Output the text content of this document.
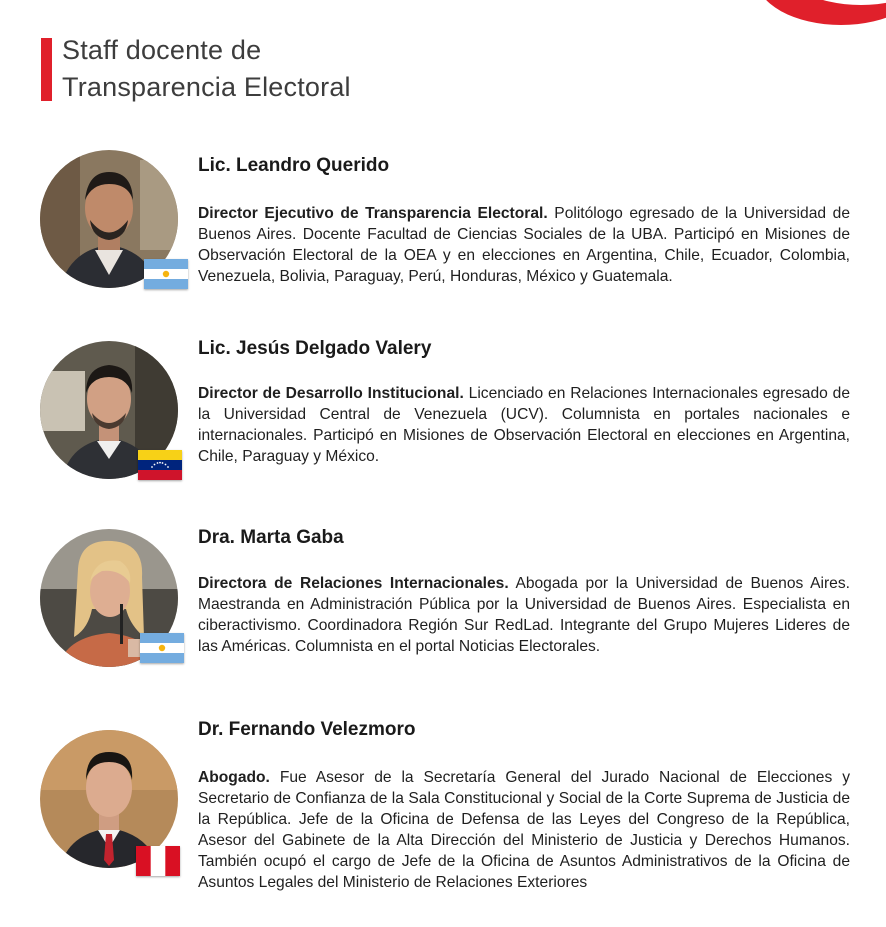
Staff docente de
Transparencia Electoral
Lic. Leandro Querido
Director Ejecutivo de Transparencia Electoral. Politólogo egresado de la Universidad de Buenos Aires. Docente Facultad de Ciencias Sociales de la UBA. Participó en Misiones de Observación Electoral de la OEA y en elecciones en Argentina, Chile, Ecuador, Colombia, Venezuela, Bolivia, Paraguay, Perú, Honduras, México y Guatemala.
Lic. Jesús Delgado Valery
Director de Desarrollo Institucional. Licenciado en Relaciones Internacionales egresado de la Universidad Central de Venezuela (UCV). Columnista en portales nacionales e internacionales. Participó en Misiones de Observación Electoral en elecciones en Argentina, Chile, Paraguay y México.
Dra. Marta Gaba
Directora de Relaciones Internacionales. Abogada por la Universidad de Buenos Aires. Maestranda en Administración Pública por la Universidad de Buenos Aires. Especialista en ciberactivismo. Coordinadora Región Sur RedLad. Integrante del Grupo Mujeres Lideres de las Américas. Columnista en el portal Noticias Electorales.
Dr. Fernando Velezmoro
Abogado. Fue Asesor de la Secretaría General del Jurado Nacional de Elecciones y Secretario de Confianza de la Sala Constitucional y Social de la Corte Suprema de Justicia de la República. Jefe de la Oficina de Defensa de las Leyes del Congreso de la República, Asesor del Gabinete de la Alta Dirección del Ministerio de Justicia y Derechos Humanos. También ocupó el cargo de Jefe de la Oficina de Asuntos Administrativos de la Oficina de Asuntos Legales del Ministerio de Relaciones Exteriores
